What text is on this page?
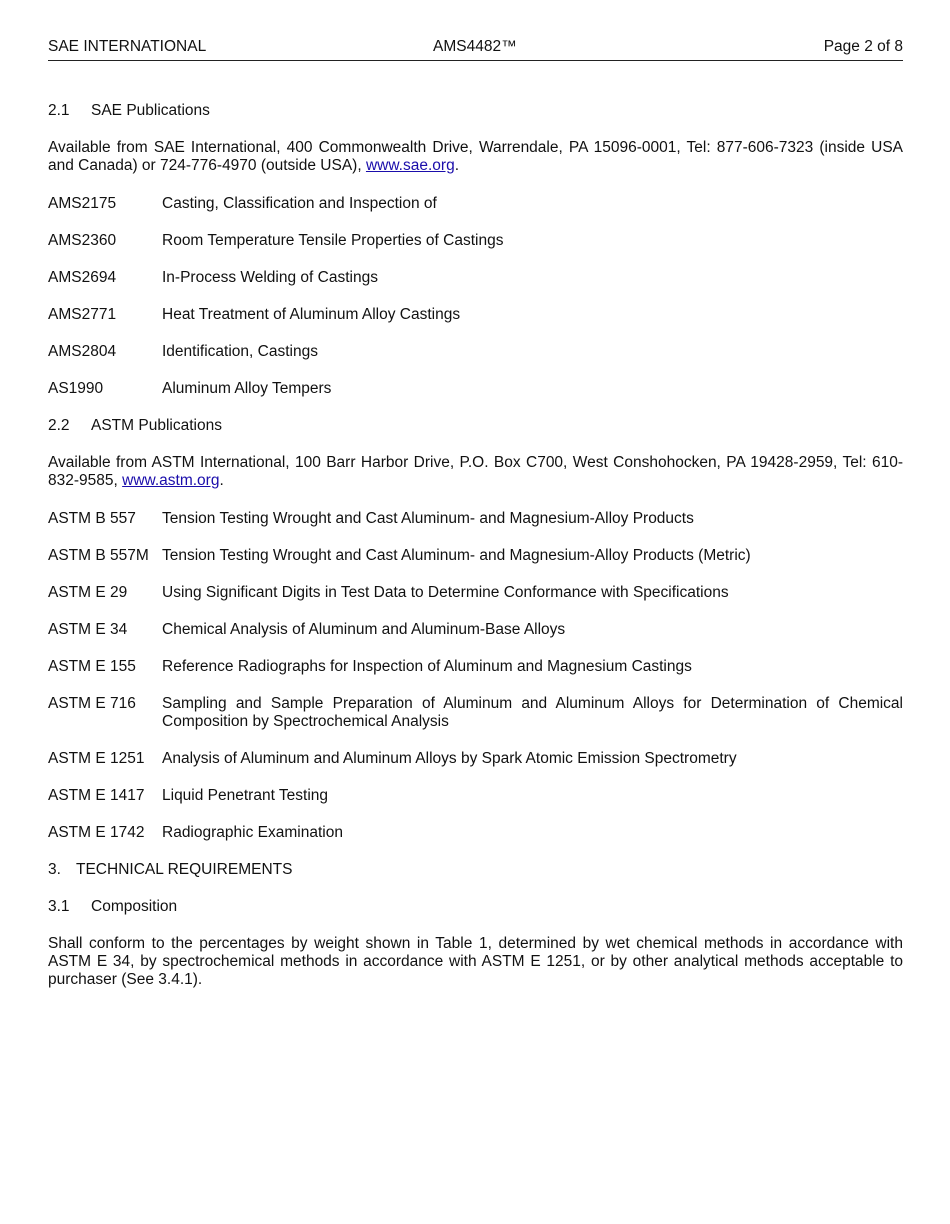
SAE INTERNATIONAL	AMS4482™	Page 2 of 8
2.1 SAE Publications
Available from SAE International, 400 Commonwealth Drive, Warrendale, PA 15096-0001, Tel: 877-606-7323 (inside USA and Canada) or 724-776-4970 (outside USA), www.sae.org.
AMS2175	Casting, Classification and Inspection of
AMS2360	Room Temperature Tensile Properties of Castings
AMS2694	In-Process Welding of Castings
AMS2771	Heat Treatment of Aluminum Alloy Castings
AMS2804	Identification, Castings
AS1990	Aluminum Alloy Tempers
2.2 ASTM Publications
Available from ASTM International, 100 Barr Harbor Drive, P.O. Box C700, West Conshohocken, PA 19428-2959, Tel: 610-832-9585, www.astm.org.
ASTM B 557 Tension Testing Wrought and Cast Aluminum- and Magnesium-Alloy Products
ASTM B 557M Tension Testing Wrought and Cast Aluminum- and Magnesium-Alloy Products (Metric)
ASTM E 29 Using Significant Digits in Test Data to Determine Conformance with Specifications
ASTM E 34 Chemical Analysis of Aluminum and Aluminum-Base Alloys
ASTM E 155 Reference Radiographs for Inspection of Aluminum and Magnesium Castings
ASTM E 716 Sampling and Sample Preparation of Aluminum and Aluminum Alloys for Determination of Chemical Composition by Spectrochemical Analysis
ASTM E 1251 Analysis of Aluminum and Aluminum Alloys by Spark Atomic Emission Spectrometry
ASTM E 1417 Liquid Penetrant Testing
ASTM E 1742 Radiographic Examination
3. TECHNICAL REQUIREMENTS
3.1 Composition
Shall conform to the percentages by weight shown in Table 1, determined by wet chemical methods in accordance with ASTM E 34, by spectrochemical methods in accordance with ASTM E 1251, or by other analytical methods acceptable to purchaser (See 3.4.1).
